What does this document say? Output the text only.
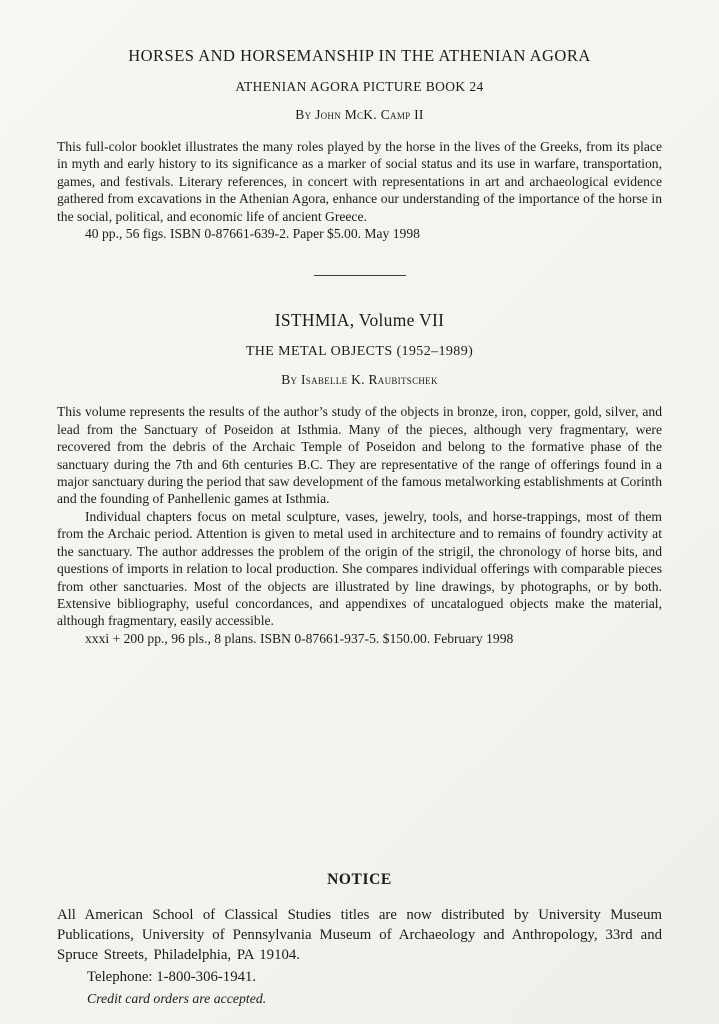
HORSES AND HORSEMANSHIP IN THE ATHENIAN AGORA

ATHENIAN AGORA PICTURE BOOK 24

By John McK. Camp II

This full-color booklet illustrates the many roles played by the horse in the lives of the Greeks, from its place in myth and early history to its significance as a marker of social status and its use in warfare, transportation, games, and festivals. Literary references, in concert with representations in art and archaeological evidence gathered from excavations in the Athenian Agora, enhance our understanding of the importance of the horse in the social, political, and economic life of ancient Greece.

40 pp., 56 figs. ISBN 0-87661-639-2. Paper $5.00. May 1998

ISTHMIA, Volume VII

THE METAL OBJECTS (1952–1989)

By Isabelle K. Raubitschek

This volume represents the results of the author’s study of the objects in bronze, iron, copper, gold, silver, and lead from the Sanctuary of Poseidon at Isthmia. Many of the pieces, although very fragmentary, were recovered from the debris of the Archaic Temple of Poseidon and belong to the formative phase of the sanctuary during the 7th and 6th centuries B.C. They are representative of the range of offerings found in a major sanctuary during the period that saw development of the famous metalworking establishments at Corinth and the founding of Panhellenic games at Isthmia.

Individual chapters focus on metal sculpture, vases, jewelry, tools, and horse-trappings, most of them from the Archaic period. Attention is given to metal used in architecture and to remains of foundry activity at the sanctuary. The author addresses the problem of the origin of the strigil, the chronology of horse bits, and questions of imports in relation to local production. She compares individual offerings with comparable pieces from other sanctuaries. Most of the objects are illustrated by line drawings, by photographs, or by both. Extensive bibliography, useful concordances, and appendixes of uncatalogued objects make the material, although fragmentary, easily accessible.

xxxi + 200 pp., 96 pls., 8 plans. ISBN 0-87661-937-5. $150.00. February 1998

NOTICE

All American School of Classical Studies titles are now distributed by University Museum Publications, University of Pennsylvania Museum of Archaeology and Anthropology, 33rd and Spruce Streets, Philadelphia, PA 19104.

Telephone: 1-800-306-1941.

Credit card orders are accepted.
